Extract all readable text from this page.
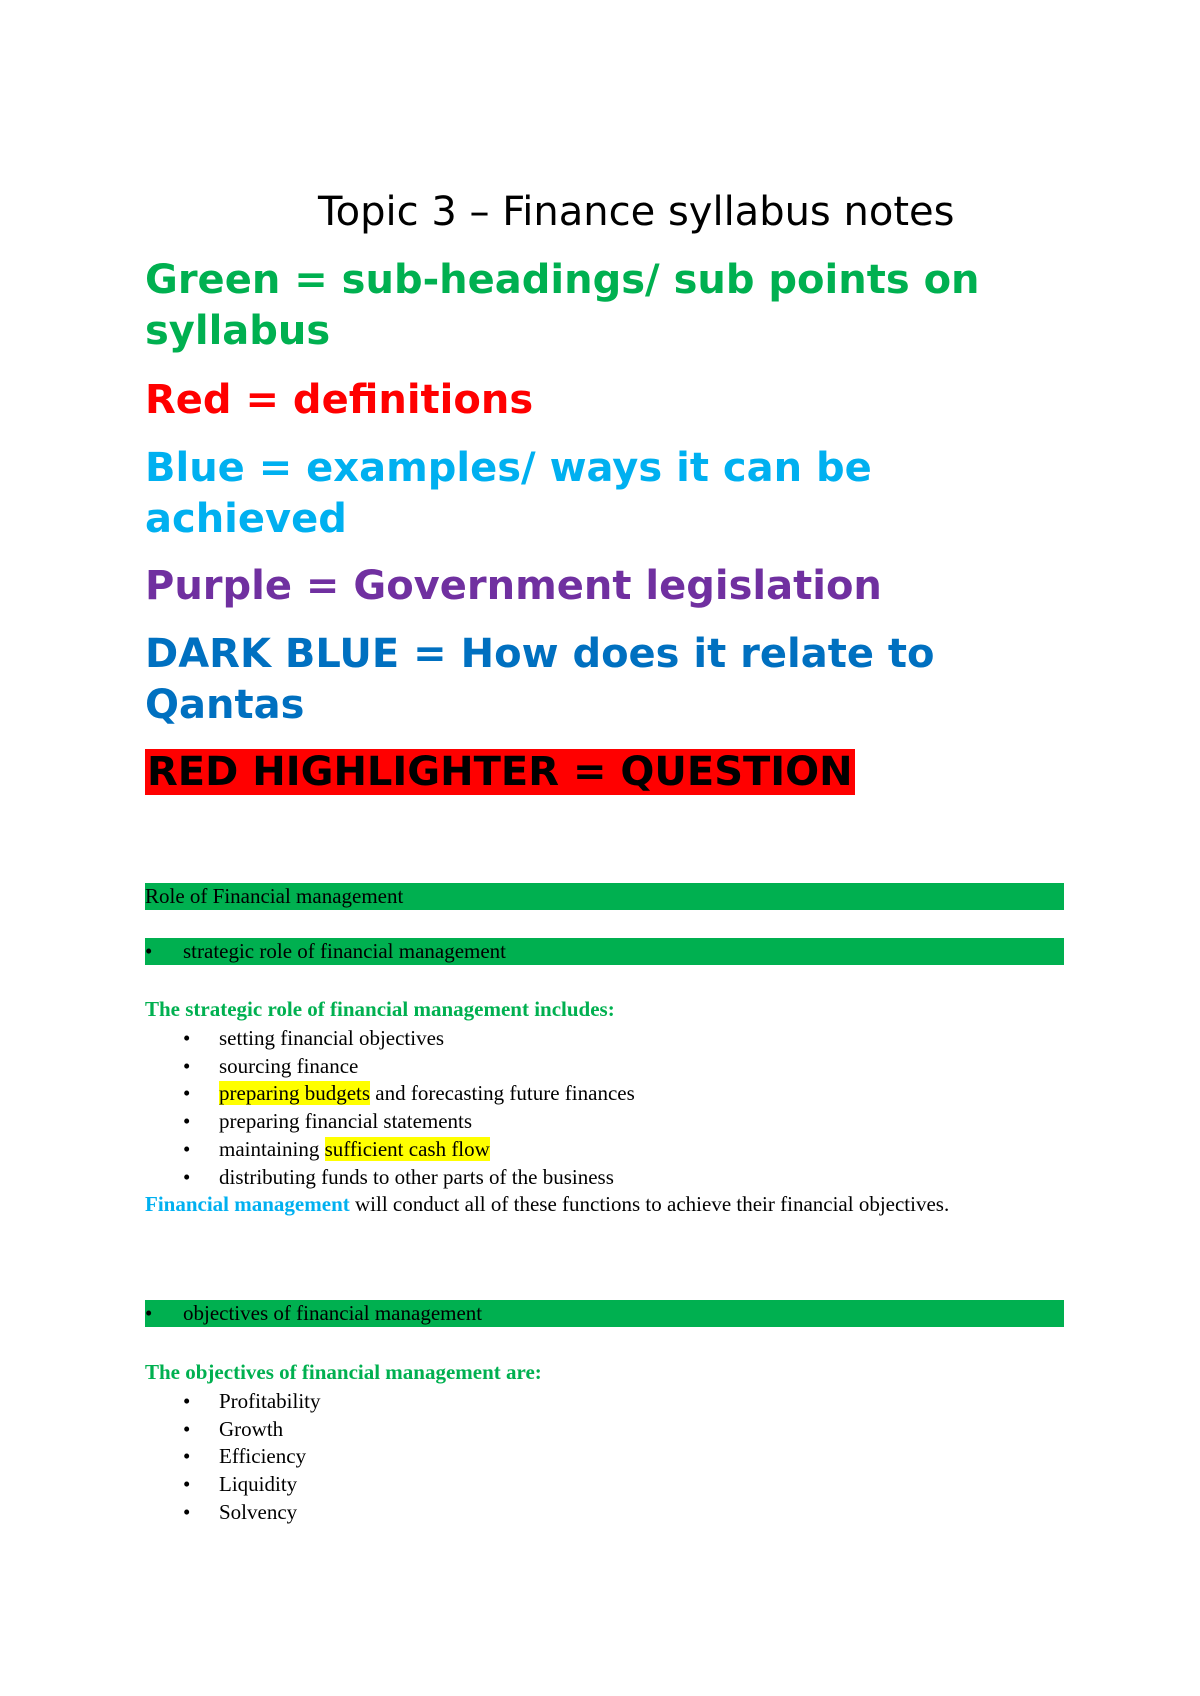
Topic 3 – Finance syllabus notes

Green = sub-headings/ sub points on syllabus

Red = definitions

Blue = examples/ ways it can be achieved

Purple = Government legislation

DARK BLUE = How does it relate to Qantas

RED HIGHLIGHTER = QUESTION

Role of Financial management
• strategic role of financial management

The strategic role of financial management includes:

• setting financial objectives
• sourcing finance
• preparing budgets and forecasting future finances
• preparing financial statements
• maintaining sufficient cash flow
• distributing funds to other parts of the business

Financial management will conduct all of these functions to achieve their financial objectives.

• objectives of financial management

The objectives of financial management are:

• Profitability
• Growth
• Efficiency
• Liquidity
• Solvency
